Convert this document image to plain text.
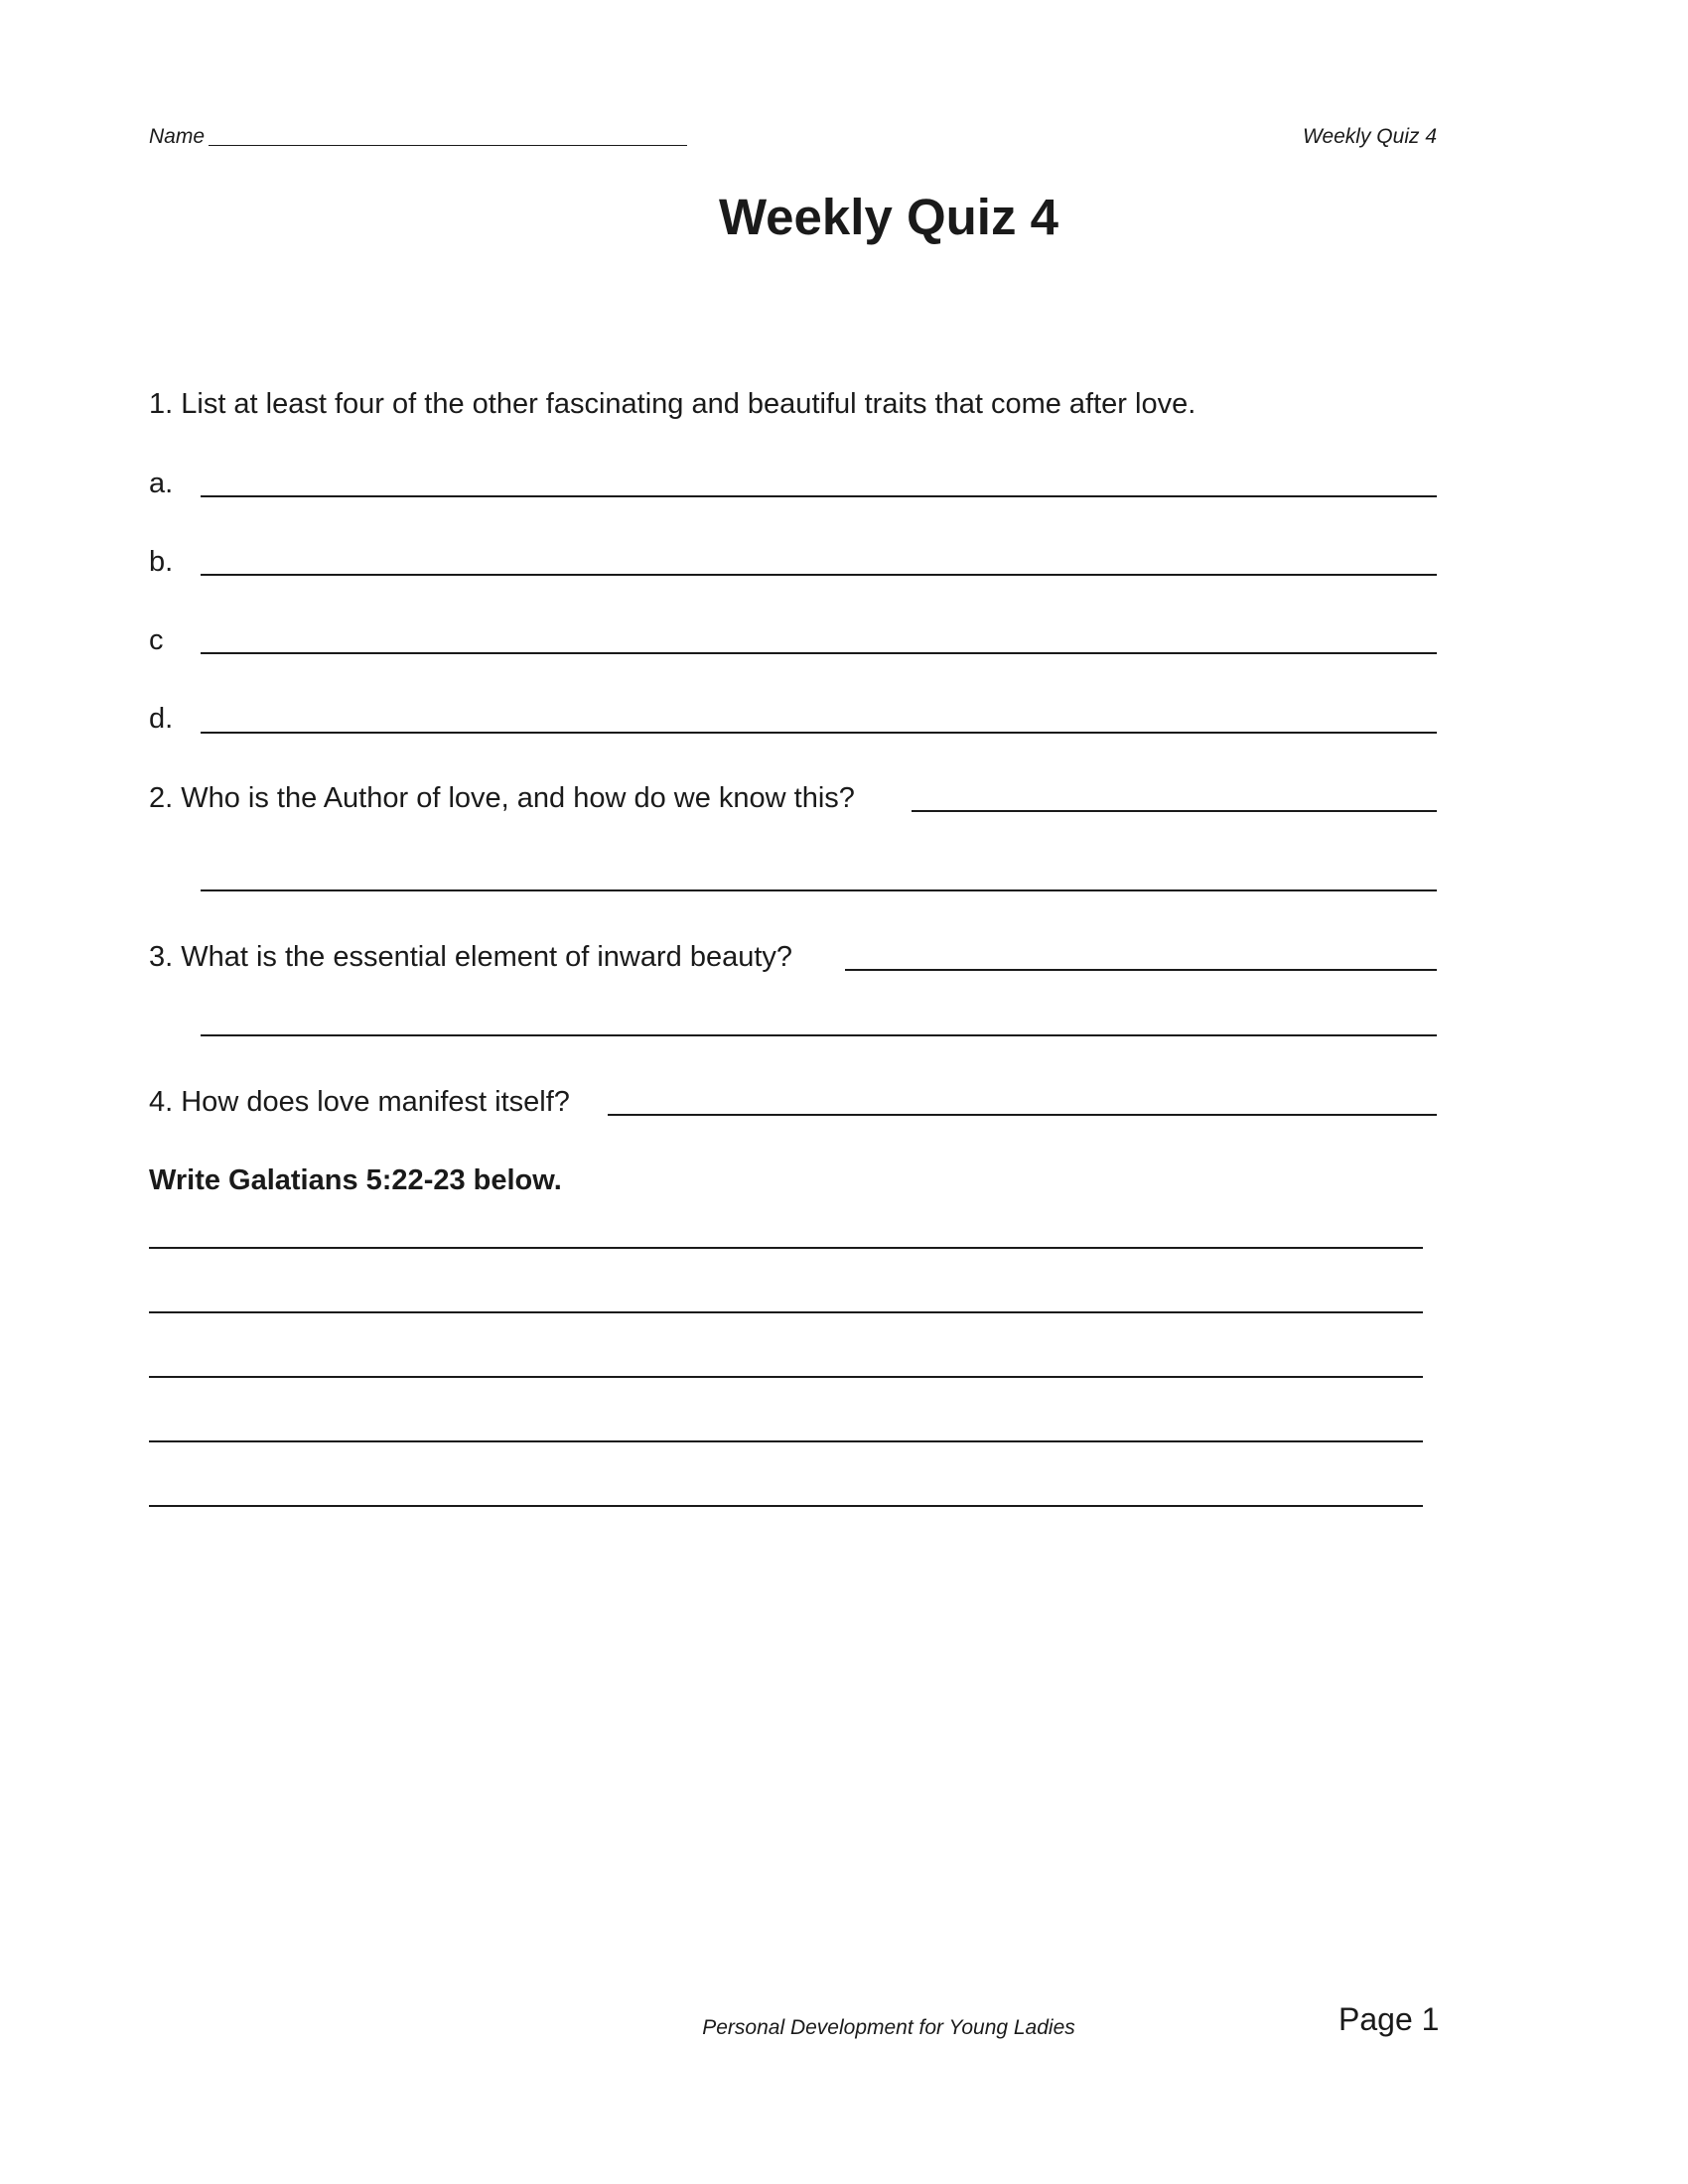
Name	Weekly Quiz 4
Weekly Quiz 4
1. List at least four of the other fascinating and beautiful traits that come after love.
a.
b.
c
d.
2. Who is the Author of love, and how do we know this?
3. What is the essential element of inward beauty?
4. How does love manifest itself?
Write Galatians 5:22-23 below.
Personal Development for Young Ladies	Page 1
